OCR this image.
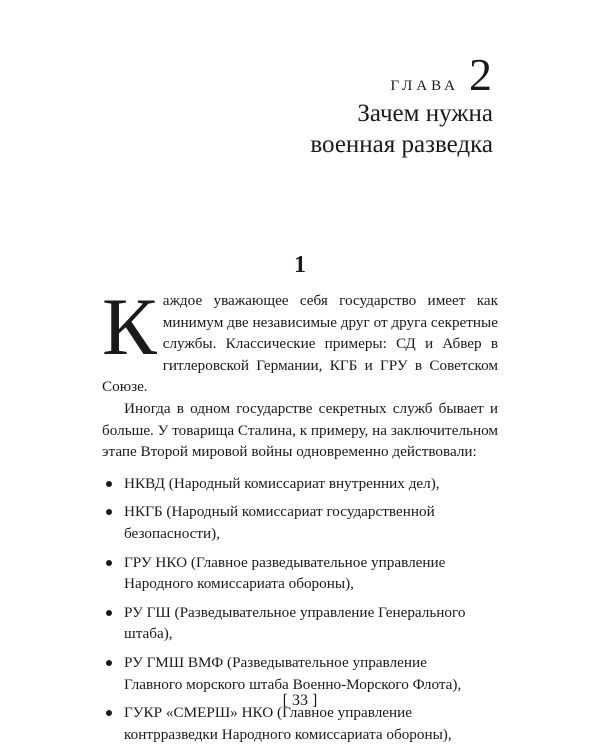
ГЛАВА 2
Зачем нужна
военная разведка
1

Каждое уважающее себя государство имеет как минимум две независимые друг от друга секретные службы. Классические примеры: СД и Абвер в гитлеровской Германии, КГБ и ГРУ в Советском Союзе.

Иногда в одном государстве секретных служб бывает и больше. У товарища Сталина, к примеру, на заключительном этапе Второй мировой войны одновременно действовали:

НКВД (Народный комиссариат внутренних дел),
НКГБ (Народный комиссариат государственной безопасности),
ГРУ НКО (Главное разведывательное управление Народного комиссариата обороны),
РУ ГШ (Разведывательное управление Генерального штаба),
РУ ГМШ ВМФ (Разведывательное управление Главного морского штаба Военно-Морского Флота),
ГУКР «СМЕРШ» НКО (Главное управление контрразведки Народного комиссариата обороны),
[ 33 ]
